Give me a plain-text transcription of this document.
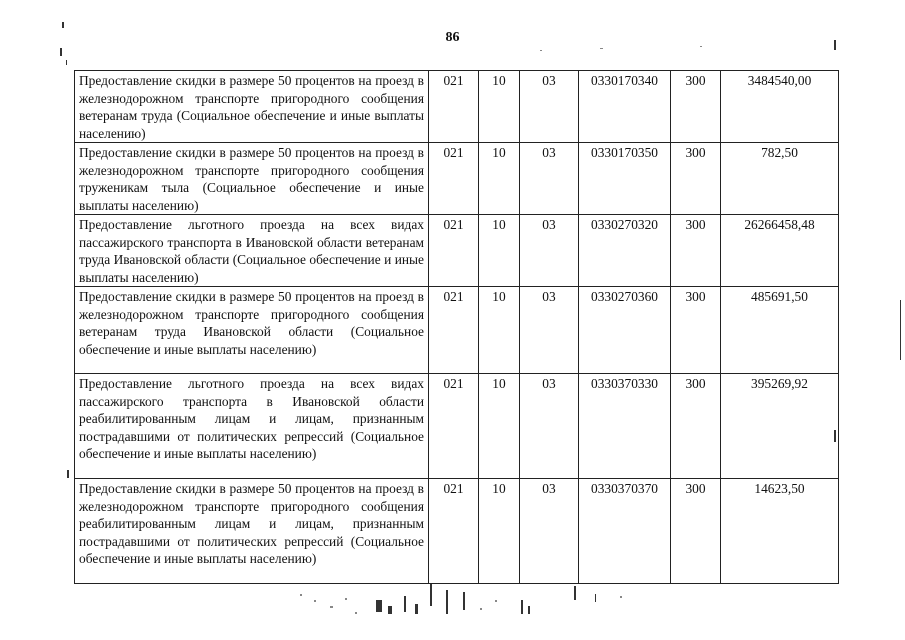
86
Предоставление скидки в размере 50 процентов на проезд в железнодорожном транспорте пригородного сообщения ветеранам труда (Социальное обеспечение и иные выплаты населению)	021	10	03	0330170340	300	3484540,00
Предоставление скидки в размере 50 процентов на проезд в железнодорожном транспорте пригородного сообщения труженикам тыла (Социальное обеспечение и иные выплаты населению)	021	10	03	0330170350	300	782,50
Предоставление льготного проезда на всех видах пассажирского транспорта в Ивановской области ветеранам труда Ивановской области (Социальное обеспечение и иные выплаты населению)	021	10	03	0330270320	300	26266458,48
Предоставление скидки в размере 50 процентов на проезд в железнодорожном транспорте пригородного сообщения ветеранам труда Ивановской области (Социальное обеспечение и иные выплаты населению)	021	10	03	0330270360	300	485691,50
Предоставление льготного проезда на всех видах пассажирского транспорта в Ивановской области реабилитированным лицам и лицам, признанным пострадавшими от политических репрессий (Социальное обеспечение и иные выплаты населению)	021	10	03	0330370330	300	395269,92
Предоставление скидки в размере 50 процентов на проезд в железнодорожном транспорте пригородного сообщения реабилитированным лицам и лицам, признанным пострадавшими от политических репрессий (Социальное обеспечение и иные выплаты населению)	021	10	03	0330370370	300	14623,50
